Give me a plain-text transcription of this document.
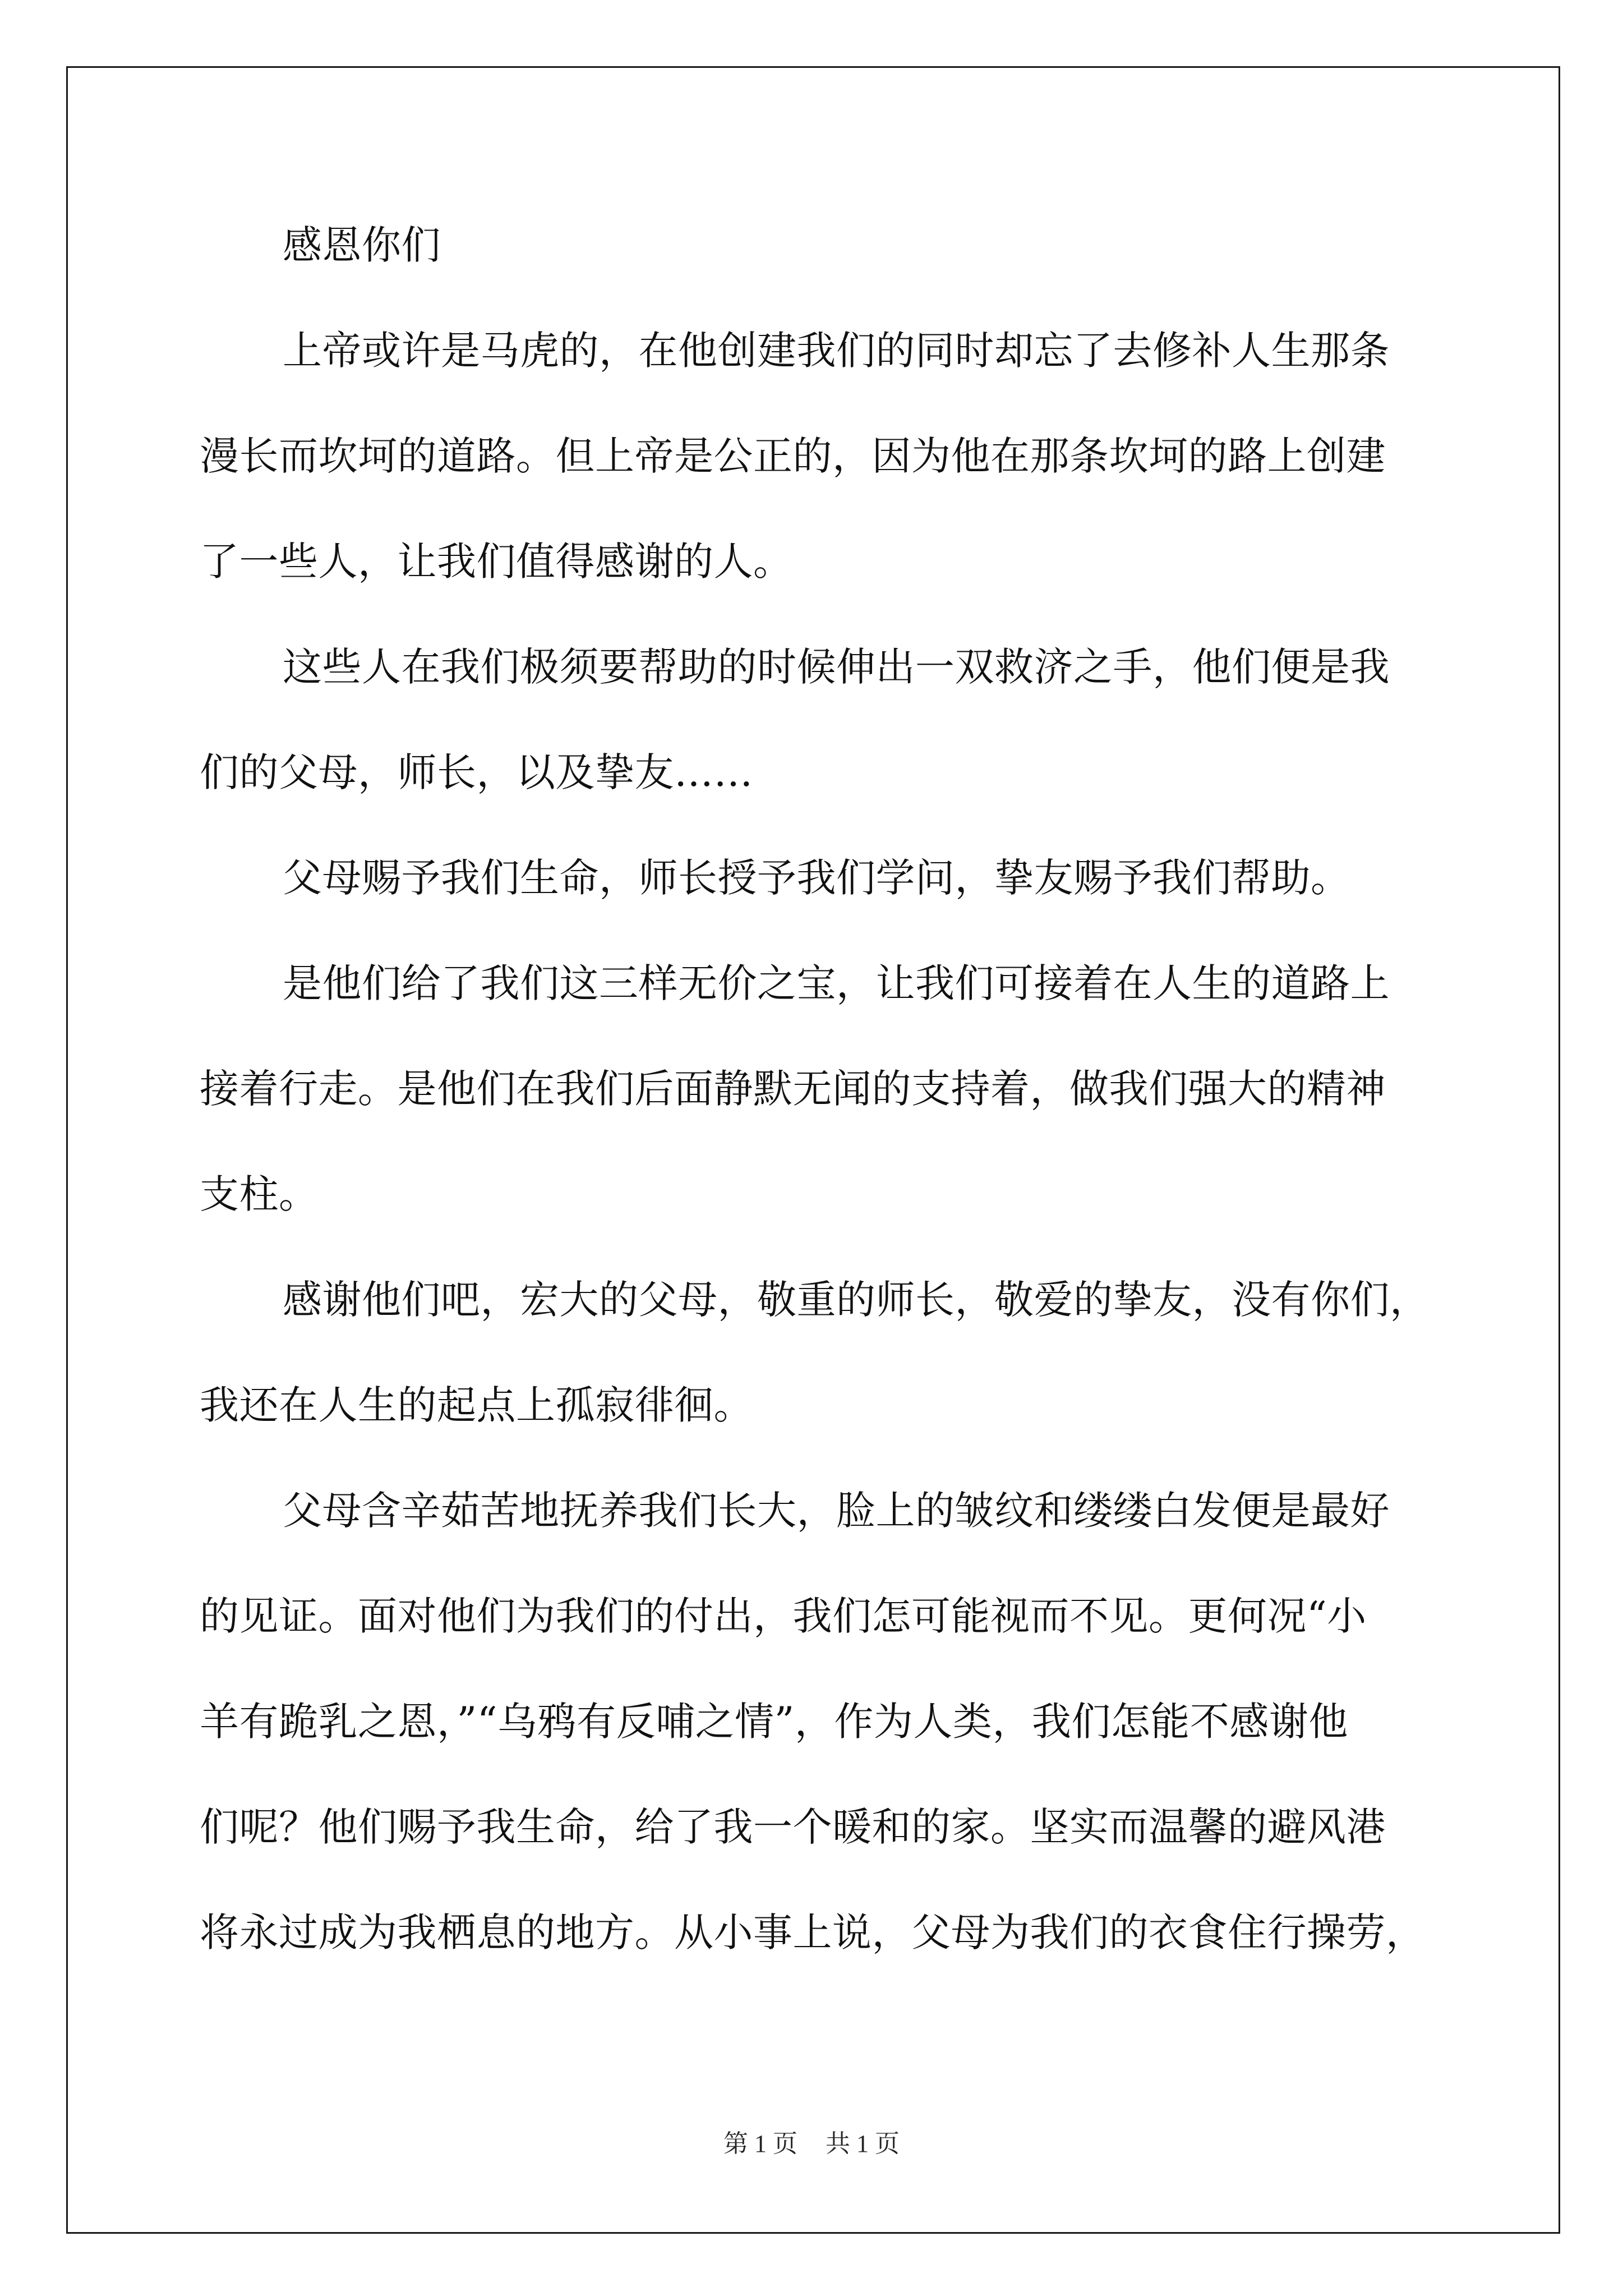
感恩你们
上帝或许是马虎的，在他创建我们的同时却忘了去修补人生那条
漫长而坎坷的道路。但上帝是公正的，因为他在那条坎坷的路上创建
了一些人，让我们值得感谢的人。
这些人在我们极须要帮助的时候伸出一双救济之手，他们便是我
们的父母，师长，以及挚友……
父母赐予我们生命，师长授予我们学问，挚友赐予我们帮助。
是他们给了我们这三样无价之宝，让我们可接着在人生的道路上
接着行走。是他们在我们后面静默无闻的支持着，做我们强大的精神
支柱。
感谢他们吧，宏大的父母，敬重的师长，敬爱的挚友，没有你们，
我还在人生的起点上孤寂徘徊。
父母含辛茹苦地抚养我们长大，脸上的皱纹和缕缕白发便是最好
的见证。面对他们为我们的付出，我们怎可能视而不见。更何况“小
羊有跪乳之恩，”“乌鸦有反哺之情”，作为人类，我们怎能不感谢他
们呢？他们赐予我生命，给了我一个暖和的家。坚实而温馨的避风港
将永过成为我栖息的地方。从小事上说，父母为我们的衣食住行操劳，
第 1 页 共 1 页
